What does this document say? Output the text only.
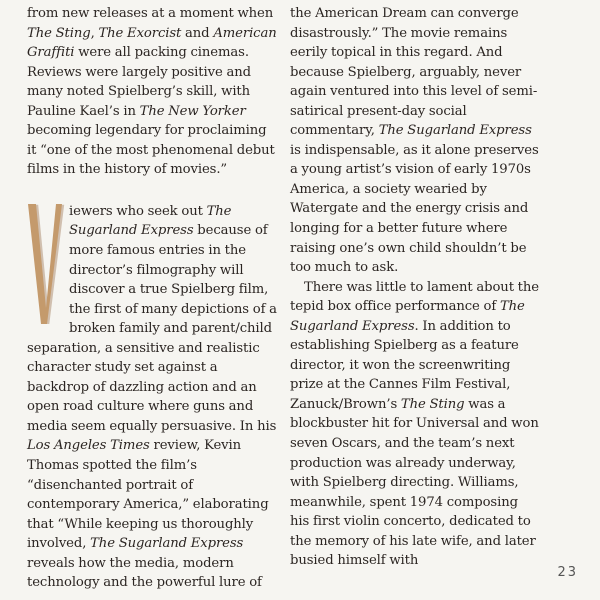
from new releases at a moment when The Sting, The Exorcist and American Graffiti were all packing cinemas. Reviews were largely positive and many noted Spielberg’s skill, with Pauline Kael’s in The New Yorker becoming legendary for proclaiming it “one of the most phenomenal debut films in the history of movies.”

V

iewers who seek out The Sugarland Express because of more famous entries in the director’s filmography will discover a true Spielberg film, the first of many depictions of a broken family and parent/child separation, a sensitive and realistic character study set against a backdrop of dazzling action and an open road culture where guns and media seem equally persuasive. In his Los Angeles Times review, Kevin Thomas spotted the film’s “disenchanted portrait of contemporary America,” elaborating that “While keeping us thoroughly involved, The Sugarland Express reveals how the media, modern technology and the powerful lure of

the American Dream can converge disastrously.” The movie remains eerily topical in this regard. And because Spielberg, arguably, never again ventured into this level of semi-satirical present-day social commentary, The Sugarland Express is indispensable, as it alone preserves a young artist’s vision of early 1970s America, a society wearied by Watergate and the energy crisis and longing for a better future where raising one’s own child shouldn’t be too much to ask.

There was little to lament about the tepid box office performance of The Sugarland Express. In addition to establishing Spielberg as a feature director, it won the screenwriting prize at the Cannes Film Festival, Zanuck/Brown’s The Sting was a blockbuster hit for Universal and won seven Oscars, and the team’s next production was already underway, with Spielberg directing. Williams, meanwhile, spent 1974 composing his first violin concerto, dedicated to the memory of his late wife, and later busied himself with

23
